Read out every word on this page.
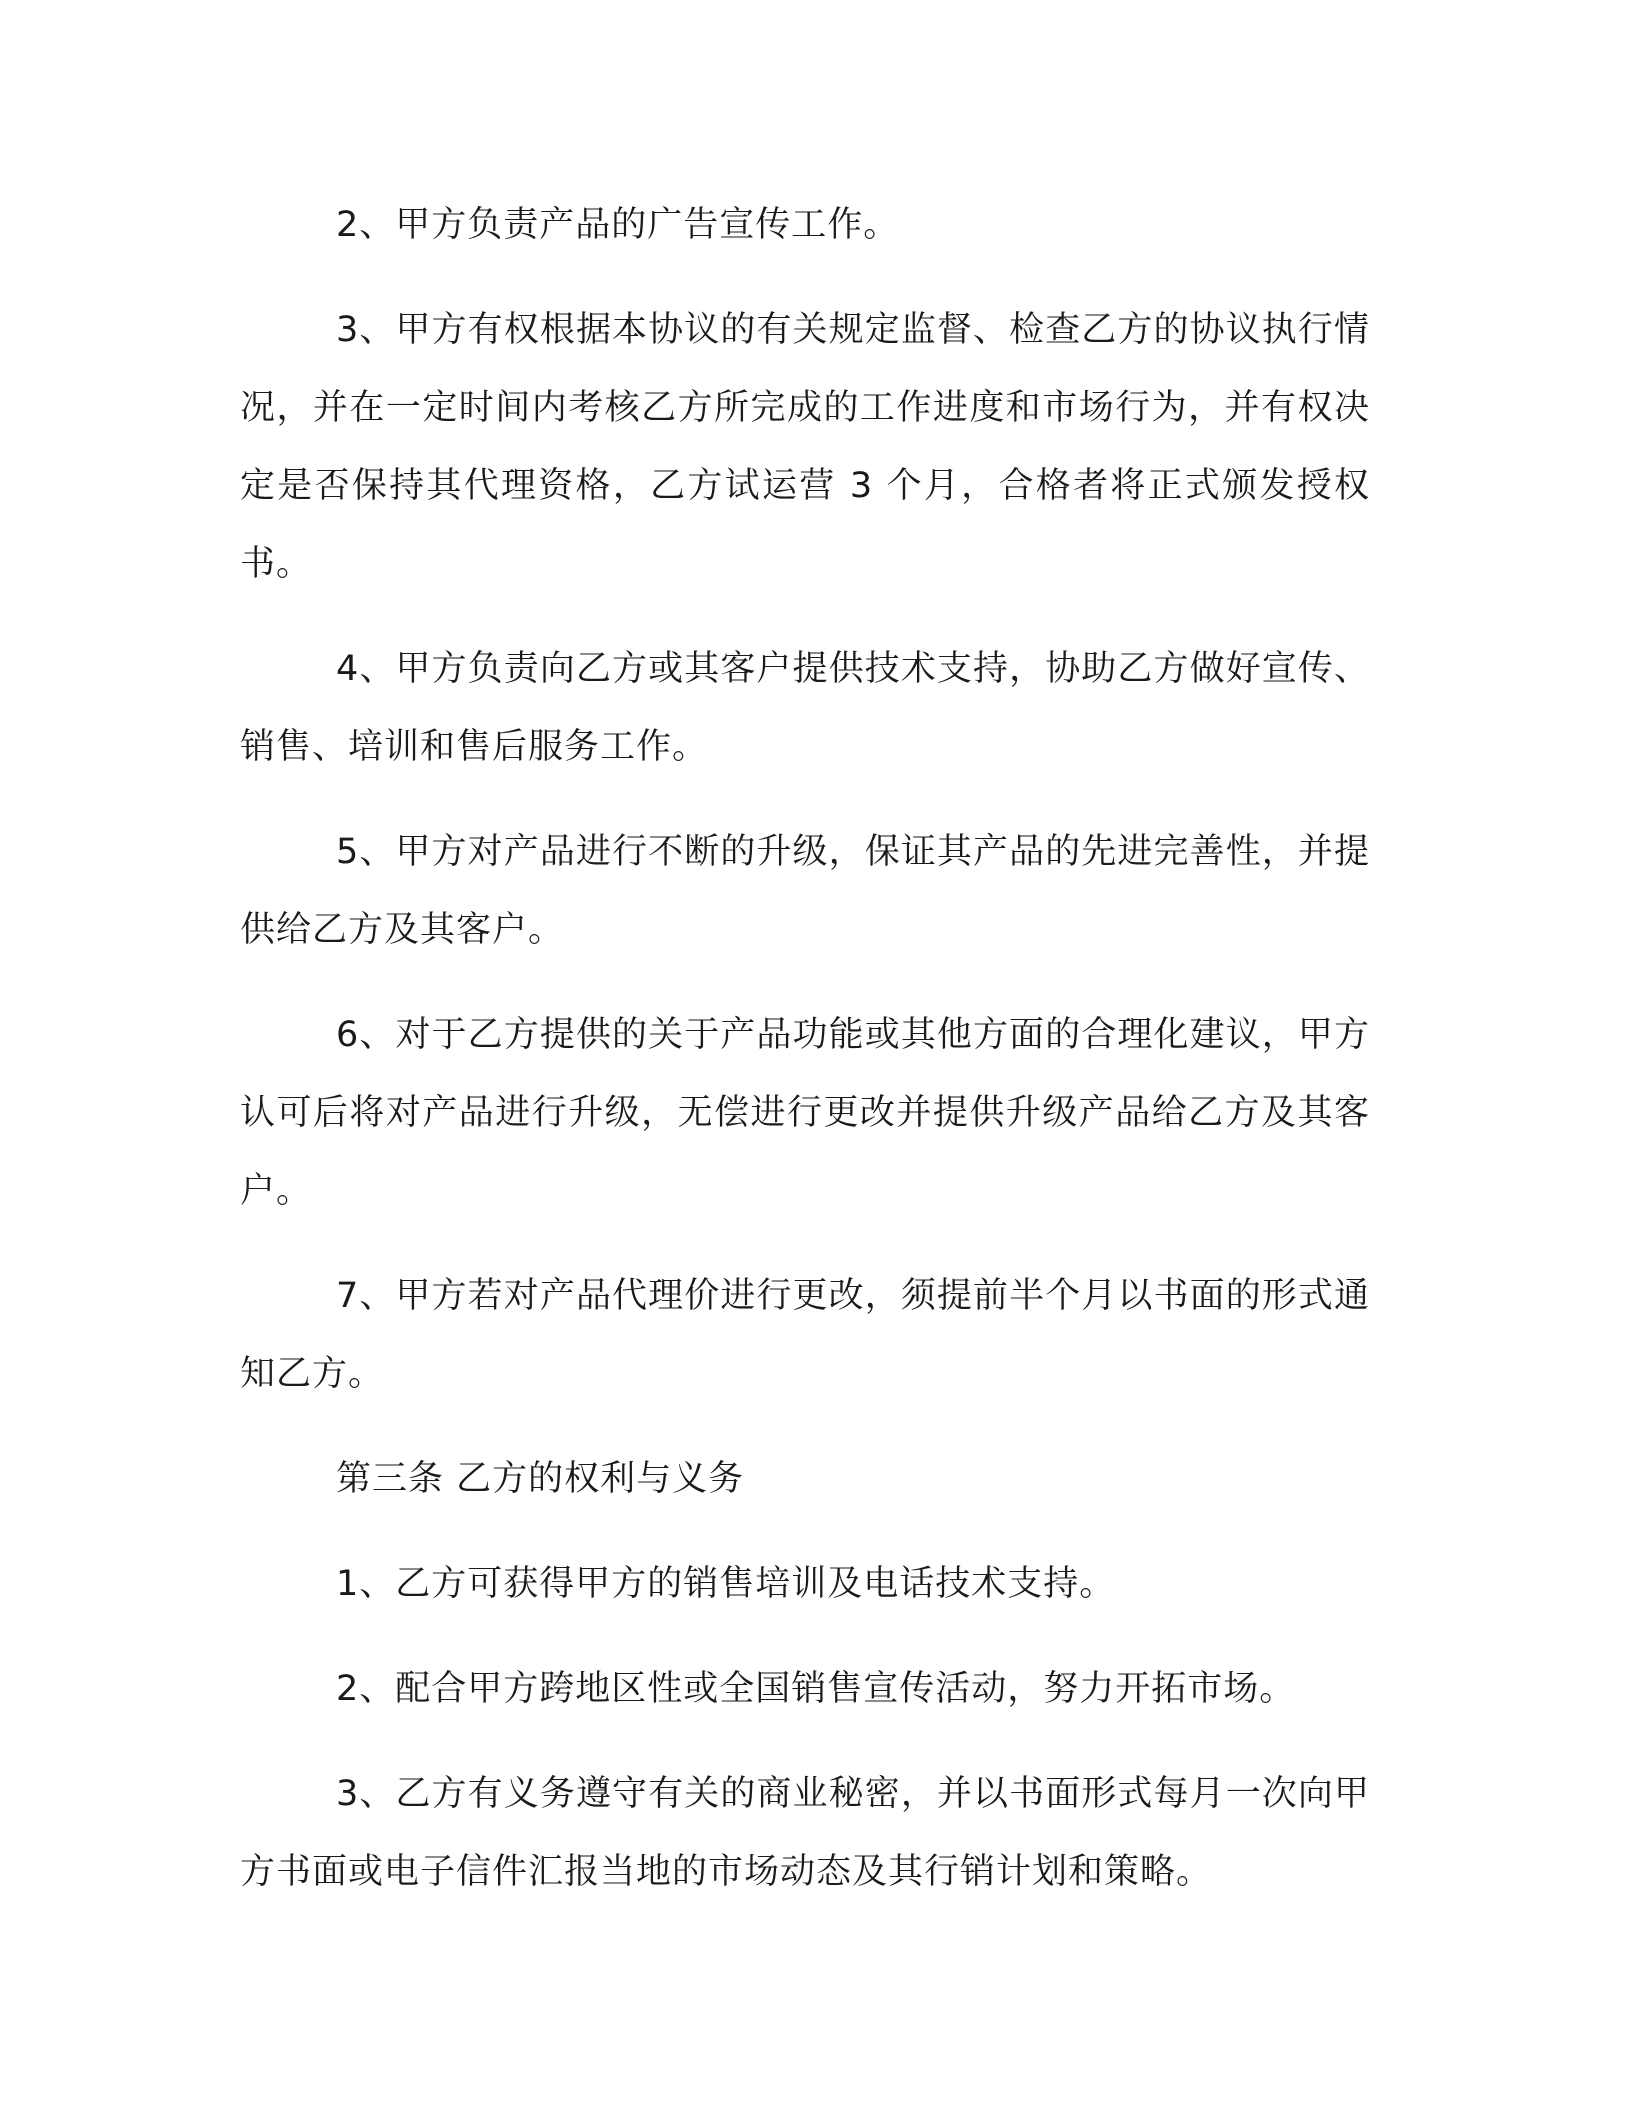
2、甲方负责产品的广告宣传工作。

3、甲方有权根据本协议的有关规定监督、检查乙方的协议执行情况，并在一定时间内考核乙方所完成的工作进度和市场行为，并有权决定是否保持其代理资格，乙方试运营 3 个月，合格者将正式颁发授权书。

4、甲方负责向乙方或其客户提供技术支持，协助乙方做好宣传、销售、培训和售后服务工作。

5、甲方对产品进行不断的升级，保证其产品的先进完善性，并提供给乙方及其客户。

6、对于乙方提供的关于产品功能或其他方面的合理化建议，甲方认可后将对产品进行升级，无偿进行更改并提供升级产品给乙方及其客户。

7、甲方若对产品代理价进行更改，须提前半个月以书面的形式通知乙方。

第三条 乙方的权利与义务

1、乙方可获得甲方的销售培训及电话技术支持。

2、配合甲方跨地区性或全国销售宣传活动，努力开拓市场。

3、乙方有义务遵守有关的商业秘密，并以书面形式每月一次向甲方书面或电子信件汇报当地的市场动态及其行销计划和策略。
